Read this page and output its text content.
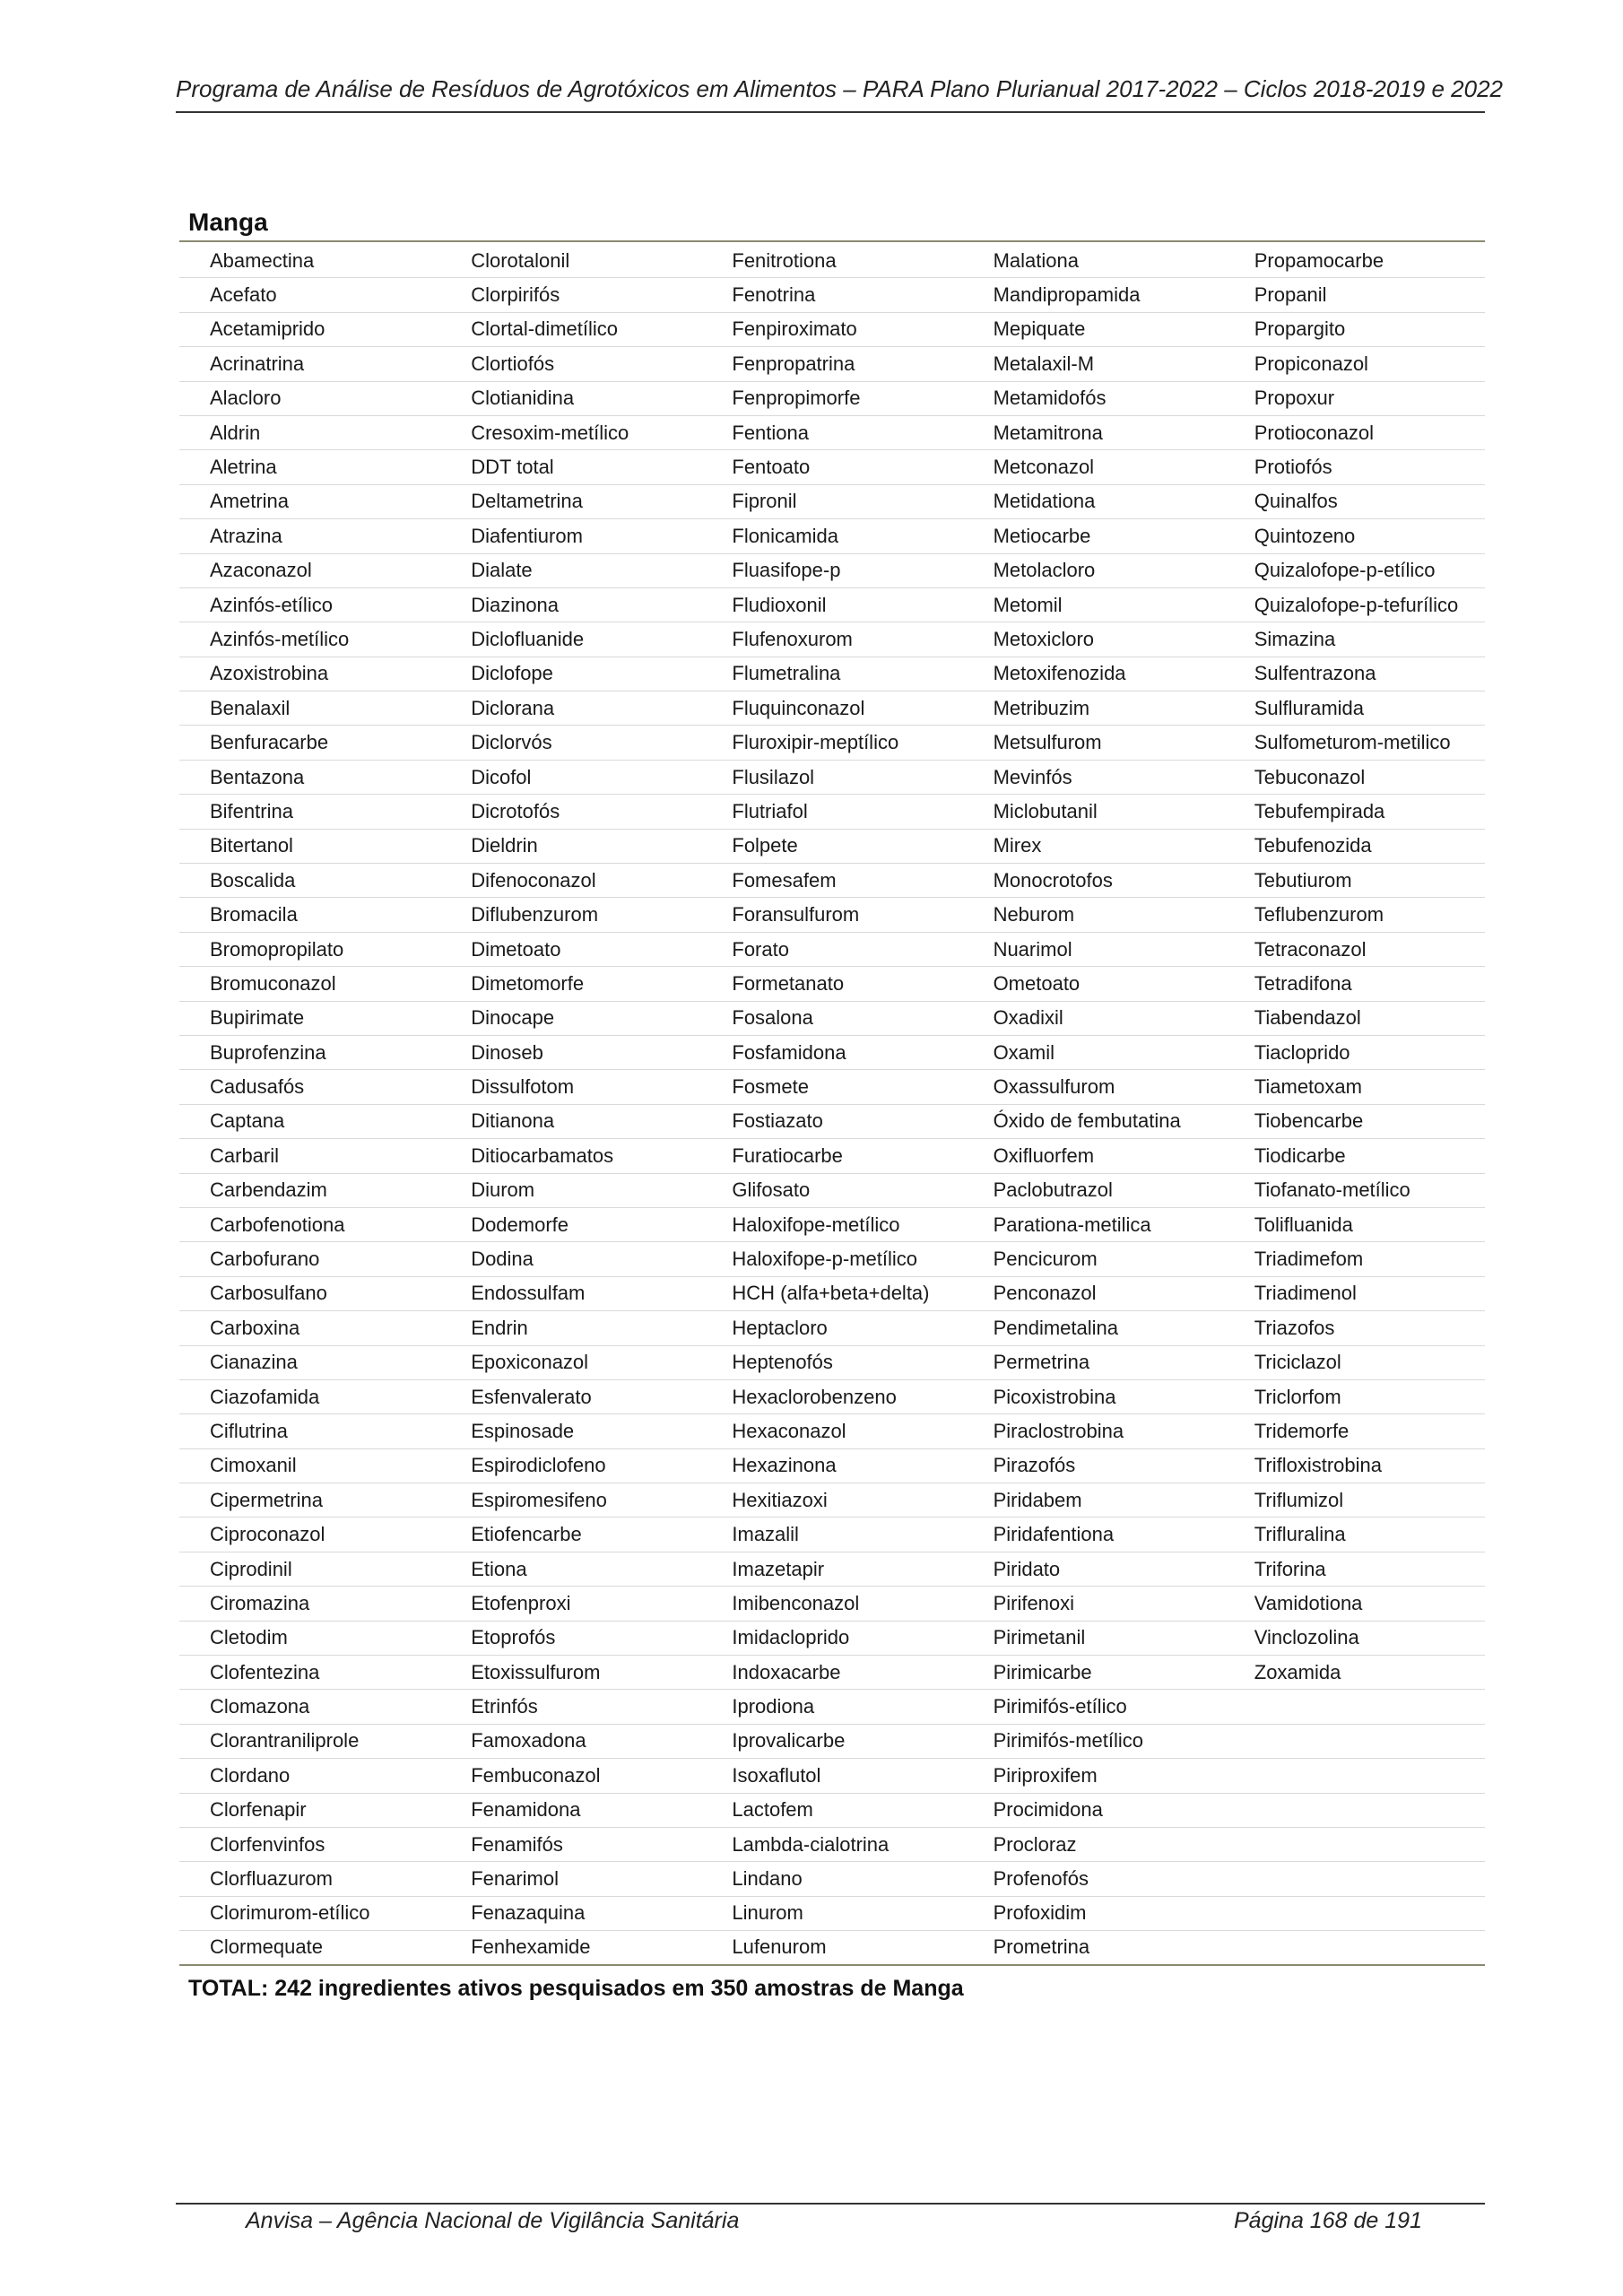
Programa de Análise de Resíduos de Agrotóxicos em Alimentos – PARA Plano Plurianual 2017-2022 – Ciclos 2018-2019 e 2022
Manga
Abamectina	Clorotalonil	Fenitrotiona	Malationa	Propamocarbe
Acefato	Clorpirifós	Fenotrina	Mandipropamida	Propanil
Acetamiprido	Clortal-dimetílico	Fenpiroximato	Mepiquate	Propargito
Acrinatrina	Clortiofós	Fenpropatrina	Metalaxil-M	Propiconazol
Alacloro	Clotianidina	Fenpropimorfe	Metamidofós	Propoxur
Aldrin	Cresoxim-metílico	Fentiona	Metamitrona	Protioconazol
Aletrina	DDT total	Fentoato	Metconazol	Protiofós
Ametrina	Deltametrina	Fipronil	Metidationa	Quinalfos
Atrazina	Diafentiurom	Flonicamida	Metiocarbe	Quintozeno
Azaconazol	Dialate	Fluasifope-p	Metolacloro	Quizalofope-p-etílico
Azinfós-etílico	Diazinona	Fludioxonil	Metomil	Quizalofope-p-tefurílico
Azinfós-metílico	Diclofluanide	Flufenoxurom	Metoxicloro	Simazina
Azoxistrobina	Diclofope	Flumetralina	Metoxifenozida	Sulfentrazona
Benalaxil	Diclorana	Fluquinconazol	Metribuzim	Sulfluramida
Benfuracarbe	Diclorvós	Fluroxipir-meptílico	Metsulfurom	Sulfometurom-metilico
Bentazona	Dicofol	Flusilazol	Mevinfós	Tebuconazol
Bifentrina	Dicrotofós	Flutriafol	Miclobutanil	Tebufempirada
Bitertanol	Dieldrin	Folpete	Mirex	Tebufenozida
Boscalida	Difenoconazol	Fomesafem	Monocrotofos	Tebutiurom
Bromacila	Diflubenzurom	Foransulfurom	Neburom	Teflubenzurom
Bromopropilato	Dimetoato	Forato	Nuarimol	Tetraconazol
Bromuconazol	Dimetomorfe	Formetanato	Ometoato	Tetradifona
Bupirimate	Dinocape	Fosalona	Oxadixil	Tiabendazol
Buprofenzina	Dinoseb	Fosfamidona	Oxamil	Tiacloprido
Cadusafós	Dissulfotom	Fosmete	Oxassulfurom	Tiametoxam
Captana	Ditianona	Fostiazato	Óxido de fembutatina	Tiobencarbe
Carbaril	Ditiocarbamatos	Furatiocarbe	Oxifluorfem	Tiodicarbe
Carbendazim	Diurom	Glifosato	Paclobutrazol	Tiofanato-metílico
Carbofenotiona	Dodemorfe	Haloxifope-metílico	Parationa-metilica	Tolifluanida
Carbofurano	Dodina	Haloxifope-p-metílico	Pencicurom	Triadimefom
Carbosulfano	Endossulfam	HCH (alfa+beta+delta)	Penconazol	Triadimenol
Carboxina	Endrin	Heptacloro	Pendimetalina	Triazofos
Cianazina	Epoxiconazol	Heptenofós	Permetrina	Triciclazol
Ciazofamida	Esfenvalerato	Hexaclorobenzeno	Picoxistrobina	Triclorfom
Ciflutrina	Espinosade	Hexaconazol	Piraclostrobina	Tridemorfe
Cimoxanil	Espirodiclofeno	Hexazinona	Pirazofós	Trifloxistrobina
Cipermetrina	Espiromesifeno	Hexitiazoxi	Piridabem	Triflumizol
Ciproconazol	Etiofencarbe	Imazalil	Piridafentiona	Trifluralina
Ciprodinil	Etiona	Imazetapir	Piridato	Triforina
Ciromazina	Etofenproxi	Imibenconazol	Pirifenoxi	Vamidotiona
Cletodim	Etoprofós	Imidacloprido	Pirimetanil	Vinclozolina
Clofentezina	Etoxissulfurom	Indoxacarbe	Pirimicarbe	Zoxamida
Clomazona	Etrinfós	Iprodiona	Pirimifós-etílico
Clorantraniliprole	Famoxadona	Iprovalicarbe	Pirimifós-metílico
Clordano	Fembuconazol	Isoxaflutol	Piriproxifem
Clorfenapir	Fenamidona	Lactofem	Procimidona
Clorfenvinfos	Fenamifós	Lambda-cialotrina	Procloraz
Clorfluazurom	Fenarimol	Lindano	Profenofós
Clorimurom-etílico	Fenazaquina	Linurom	Profoxidim
Clormequate	Fenhexamide	Lufenurom	Prometrina
TOTAL: 242 ingredientes ativos pesquisados em 350 amostras de Manga
Anvisa – Agência Nacional de Vigilância Sanitária	Página 168 de 191
